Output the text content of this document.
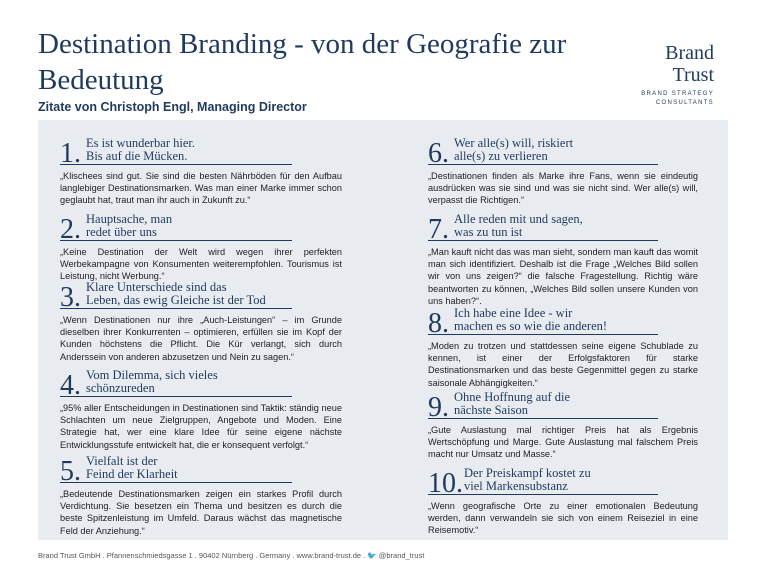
Destination Branding - von der Geografie zur Bedeutung
Zitate von Christoph Engl, Managing Director
Brand
Trust
BRAND STRATEGY
CONSULTANTS
1. Es ist wunderbar hier.
Bis auf die Mücken.
„Klischees sind gut. Sie sind die besten Nährböden für den Aufbau langlebiger Destinationsmarken. Was man einer Marke immer schon geglaubt hat, traut man ihr auch in Zukunft zu.“
2. Hauptsache, man
redet über uns
„Keine Destination der Welt wird wegen ihrer perfekten Werbekampagne von Konsumenten weiterempfohlen. Tourismus ist Leistung, nicht Werbung.“
3. Klare Unterschiede sind das
Leben, das ewig Gleiche ist der Tod
„Wenn Destinationen nur ihre „Auch-Leistungen“ – im Grunde dieselben ihrer Konkurrenten – optimieren, erfüllen sie im Kopf der Kunden höchstens die Pflicht. Die Kür verlangt, sich durch Anderssein von anderen abzusetzen und Nein zu sagen.“
4. Vom Dilemma, sich vieles
schönzureden
„95% aller Entscheidungen in Destinationen sind Taktik: ständig neue Schlachten um neue Zielgruppen, Angebote und Moden. Eine Strategie hat, wer eine klare Idee für seine eigene nächste Entwicklungsstufe entwickelt hat, die er konsequent verfolgt.“
5. Vielfalt ist der
Feind der Klarheit
„Bedeutende Destinationsmarken zeigen ein starkes Profil durch Verdichtung. Sie besetzen ein Thema und besitzen es durch die beste Spitzenleistung im Umfeld. Daraus wächst das magnetische Feld der Anziehung.“
6. Wer alle(s) will, riskiert
alle(s) zu verlieren
„Destinationen finden als Marke ihre Fans, wenn sie eindeutig ausdrücken was sie sind und was sie nicht sind. Wer alle(s) will, verpasst die Richtigen.“
7. Alle reden mit und sagen,
was zu tun ist
„Man kauft nicht das was man sieht, sondern man kauft das womit man sich identifiziert. Deshalb ist die Frage „Welches Bild sollen wir von uns zeigen?“ die falsche Fragestellung. Richtig wäre beantworten zu können, „Welches Bild sollen unsere Kunden von uns haben?“.
8. Ich habe eine Idee - wir
machen es so wie die anderen!
„Moden zu trotzen und stattdessen seine eigene Schublade zu kennen, ist einer der Erfolgsfaktoren für starke Destinationsmarken und das beste Gegenmittel gegen zu starke saisonale Abhängigkeiten.“
9. Ohne Hoffnung auf die
nächste Saison
„Gute Auslastung mal richtiger Preis hat als Ergebnis Wertschöpfung und Marge. Gute Auslastung mal falschem Preis macht nur Umsatz und Masse.“
10. Der Preiskampf kostet zu
viel Markensubstanz
„Wenn geografische Orte zu einer emotionalen Bedeutung werden, dann verwandeln sie sich von einem Reiseziel in eine Reisemotiv.“
Brand Trust GmbH . Pfannenschmiedsgasse 1 . 90402 Nürnberg . Germany . www.brand-trust.de . 🐦 @brand_trust
